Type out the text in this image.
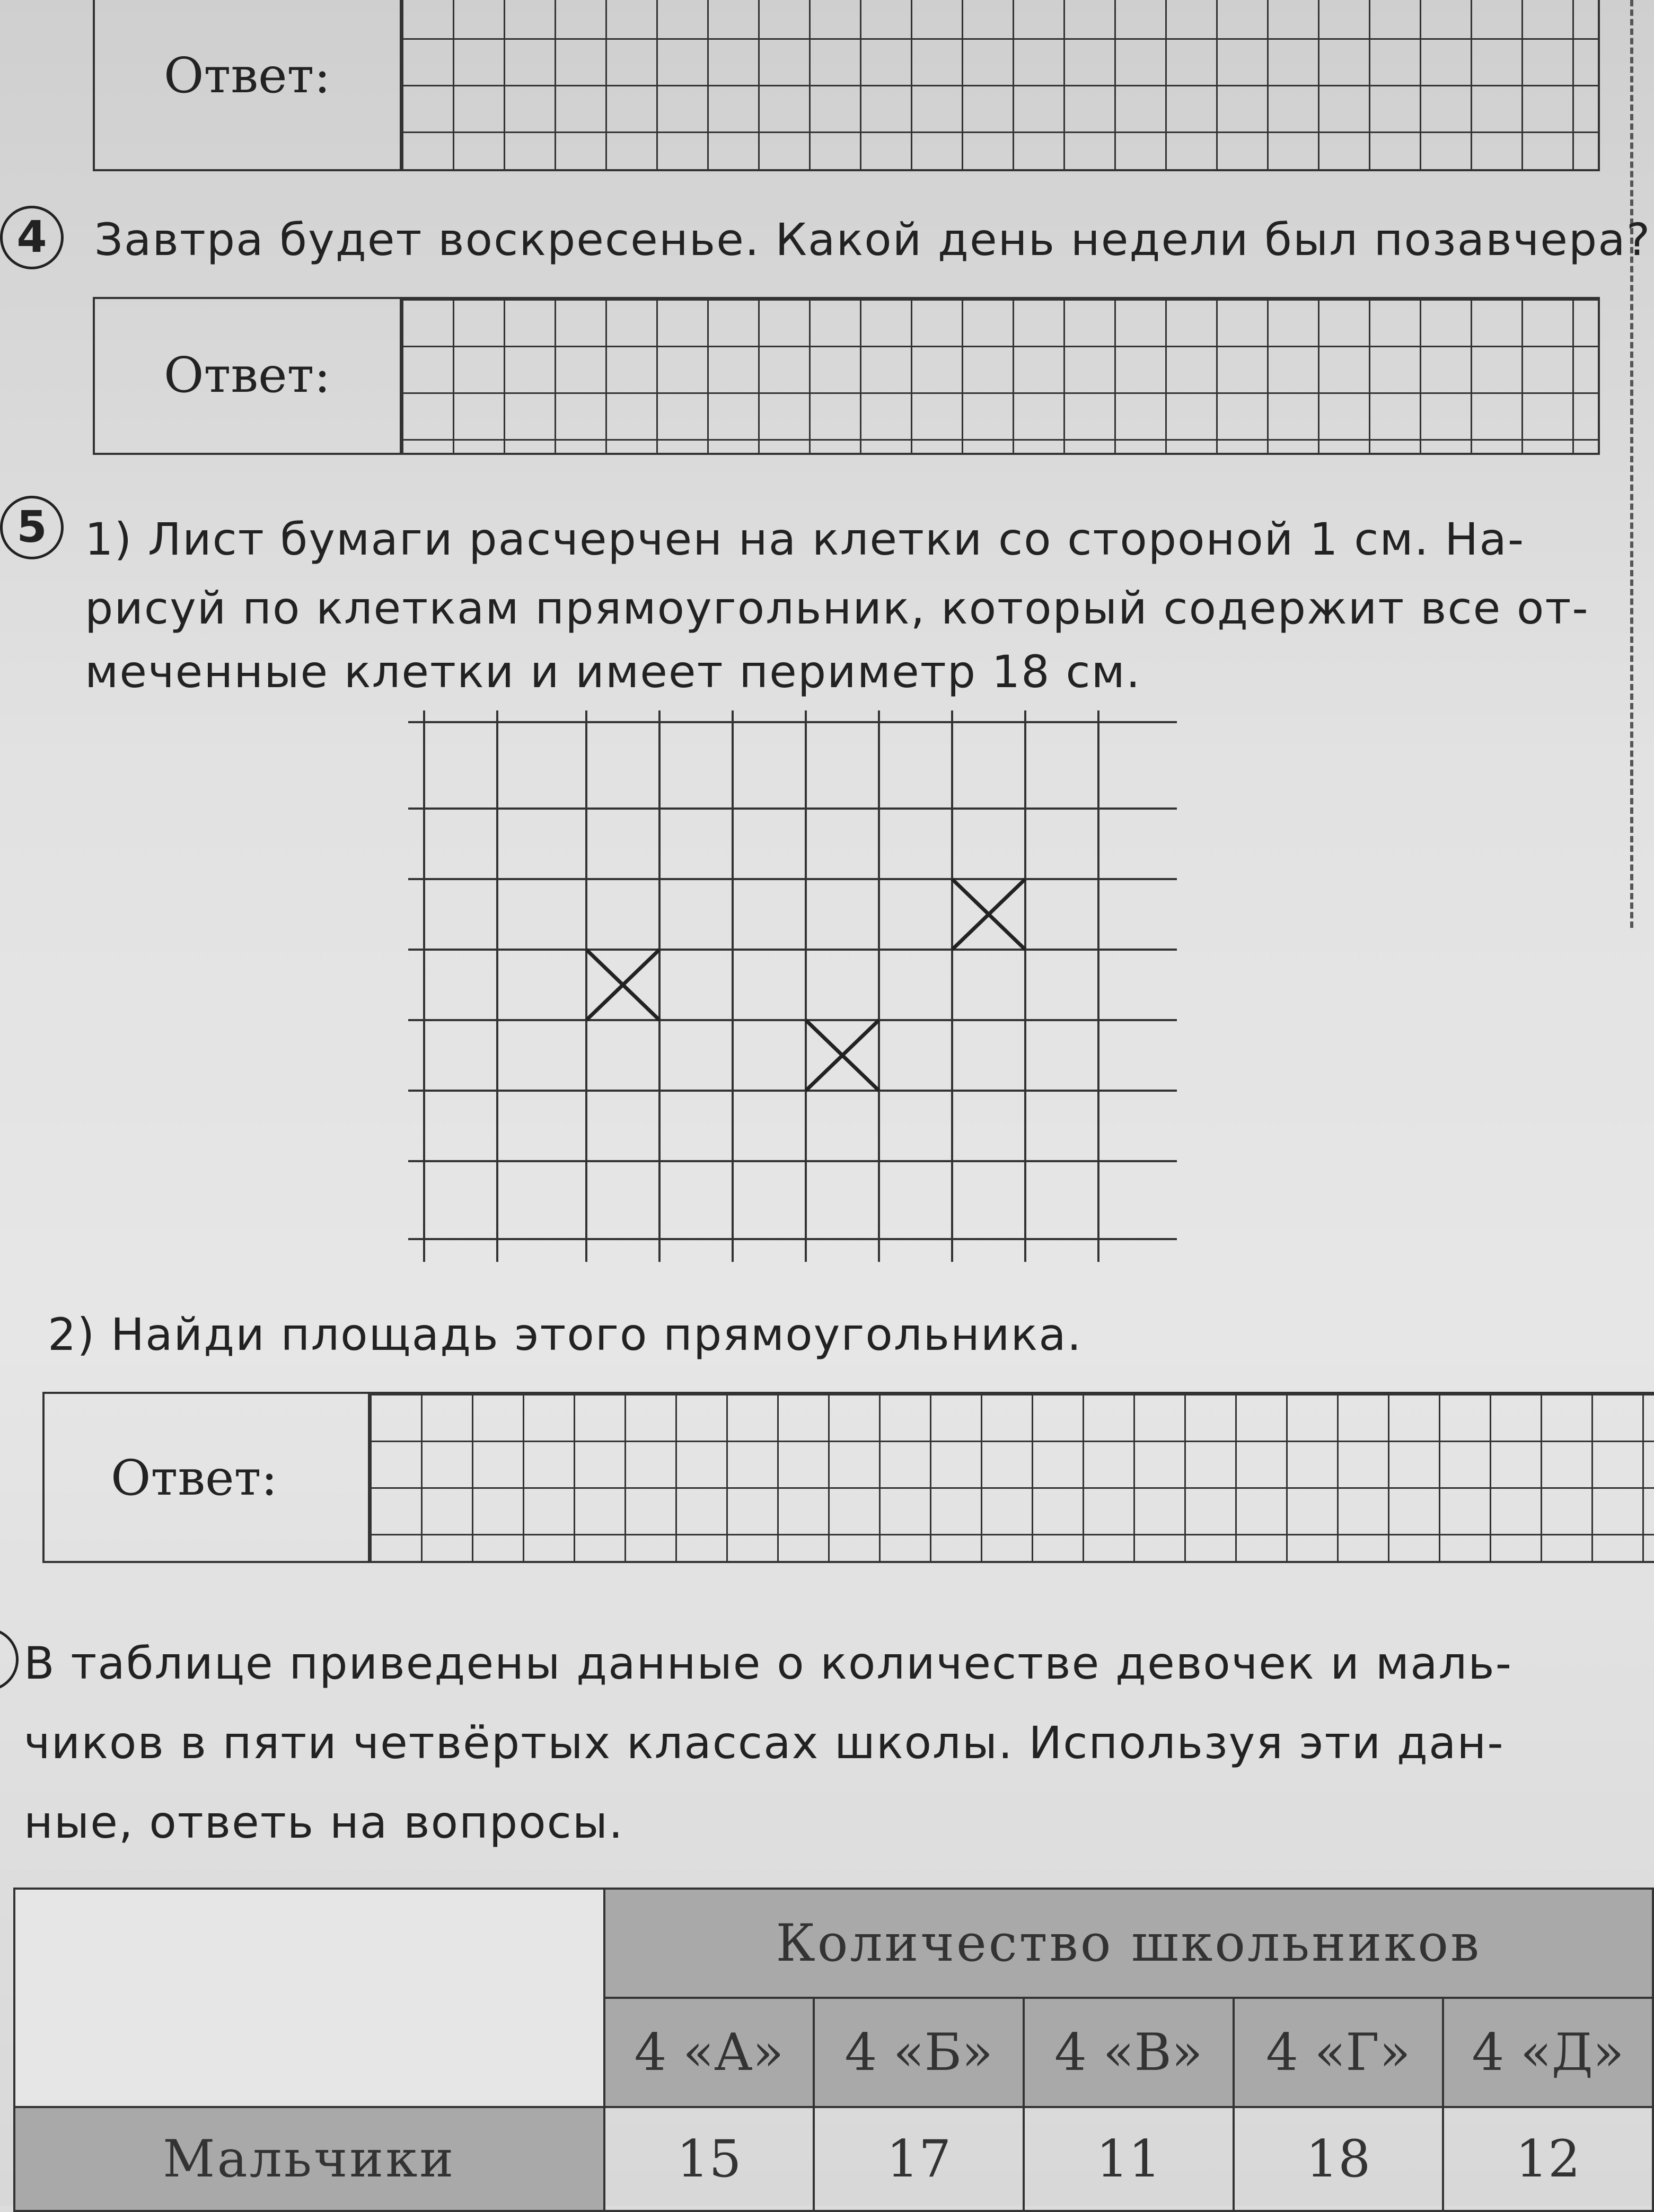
Ответ:
4	Завтра будет воскресенье. Какой день недели был позавчера?
Ответ:
5 1) Лист бумаги расчерчен на клетки со стороной 1 см. На-
рисуй по клеткам прямоугольник, который содержит все от-
меченные клетки и имеет периметр 18 см.
2) Найди площадь этого прямоугольника.
Ответ:
В таблице приведены данные о количестве девочек и маль-
чиков в пяти четвёртых классах школы. Используя эти дан-
ные, ответь на вопросы.
	Количество школьников				
	4 «А»	4 «Б»	4 «В»	4 «Г»	4 «Д»
Мальчики	15	17	11	18	12
